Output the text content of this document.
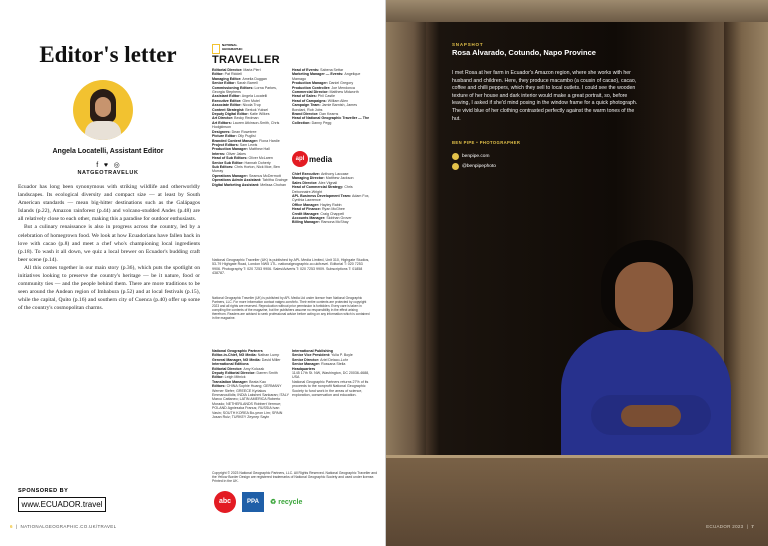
Editor's letter
Angela Locatelli, Assistant Editor
f ♥ ◎
NATGEOTRAVELUK

Ecuador has long been synonymous with striking wildlife and otherworldly landscapes. Its ecological diversity and compact size — at least by South American standards — mean big-hitter destinations such as the Galápagos Islands (p.22), Amazon rainforest (p.44) and volcano-studded Andes (p.48) are all relatively close to each other, making this a paradise for outdoor enthusiasts.

But a culinary renaissance is also in progress across the country, led by a celebration of homegrown food. We look at how Ecuadorians have fallen back in love with cacao (p.8) and meet a chef who's championing local ingredients (p.18). To wash it all down, we quiz a local brewer on Ecuador's budding craft beer scene (p.14).

All this comes together in our main story (p.36), which puts the spotlight on initiatives looking to preserve the country's heritage — be it nature, food or community ties — and the people behind them. There are more traditions to be seen around the Andean region of Imbabura (p.52) and at local festivals (p.15), while the capital, Quito (p.16) and southern city of Cuenca (p.40) offer up some of the country's cosmopolitan charms.

SPONSORED BY
www.ECUADOR.travel
6  |  NATIONALGEOGRAPHIC.CO.UK/TRAVEL
NATIONAL GEOGRAPHIC
TRAVELLER
Editorial Director: Maria Pieri
Editor: Pat Riddell
Managing Editor: Amelia Duggan
Senior Editor: Sarah Barrell
Commissioning Editors: Lorna Parkes, Georgia Stephens
Assistant Editor: Angela Locatelli
Executive Editor: Glen Mutel
Associate Editor: Nicola Trup
Content Strategist: Berkok Yuksel
Deputy Digital Editor: Katie Wilkes
Art Director: Becky Redman
Art Editors: Lauren Atkinson-Smith, Chris Hodgkinson
Designers: Dean Rowntree
Picture Editor: Olly Puglisi
Branded Content Manager: Fiona Hardie
Project Editors: Sam Lewis
Production Manager: Matthew Hall
Interns: Oliver Jakes
Head of Sub Editors: Oliver McLaren
Senior Sub Editor: Hannah Doherty
Sub Editors: Chris Horton, Nick Moe, Ben Murray
Operations Manager: Seamus McDermott
Operations Admin Assistant: Tabitha Grainge
Digital Marketing Assistant: Melissa Chohan
Head of Events: Sabena Settar
Marketing Manager — Events: Angelique Mamago
Production Manager: Daniel Gregory
Production Controller: Joe Mendonca
Commercial Director: Matthew Midworth
Head of Sales: Phil Castle
Head of Campaigns: William Allen
Campaign Team: Jamie Barnish, James Bondani, Rob Jobs
Brand Director: Dan Kearns
Head of National Geographic Traveller — The Collection: Danny Pegg
apl media
Chief Executive: Anthony Laccase
Managing Director: Matthew Jackson
Sales Director: Alex Vignali
Head of Commercial Strategy: Chris Debonnaire-Wright
APL Business Development Team: Adam Fox, Cynthia Lawrence
Office Manager: Hayley Rabin
Head of Finance: Ryan McGhee
Credit Manager: Craig Chappell
Accounts Manager: Siobhan Grover
Billing Manager: Ramona McShay
National Geographic Traveller (UK) is published by APL Media Limited, Unit 310, Highgate Studios, 53-79 Highgate Road, London NW5 1TL. nationalgeographic.co.uk/travel. Editorial T: 020 7253 9906. Photography T: 020 7253 9906. Sales/Adverts T: 020 7253 9909. Subscriptions T: 01858 438787.
National Geographic Traveller (UK) is published by APL Media Ltd under licence from National Geographic Partners, LLC. For more information contact natgeo.com/info. Their entire contents are protected by copyright 2023 and all rights are reserved. Reproduction without prior permission is forbidden. Every care is taken in compiling the contents of the magazine, but the publishers assume no responsibility in the effect arising therefrom. Readers are advised to seek professional advice before acting on any information which is contained in the magazine.
National Geographic Partners
Editor-in-Chief, NG Media: Nathan Lump
General Manager, NG Media: David Miller
International Editions
Editorial Director: Amy Kolczak
Deputy Editorial Director: Darren Smith
Editor: Leigh Mitnick
Translation Manager: Beata Kao
Editors: CHINA Sophie Huang; GERMANY Werner Siefer; GREECE Kyriakos Emmanouilidis; INDIA Lakshmi Sankaran; ITALY Marco Cattaneo; LATIN AMERICA Roberto Morado; NETHERLANDS Robbert Vermue; POLAND Agnieszka Franus; RUSSIA Ivan Vasin; SOUTH KOREA Bo-yeon Lim; SPAIN Josan Ruiz; TURKEY Zeynep Sayin
International Publishing
Senior Vice President: Yulia P. Boyle
Senior Director: Ariel Deiaco-Lohr
Senior Manager: Rossana Stella
Headquarters
1145 17th St. NW, Washington, DC 20036-4688, USA
National Geographic Partners returns 27% of its proceeds to the nonprofit National Geographic Society to fund work in the areas of science, exploration, conservation and education.
Copyright © 2023 National Geographic Partners, LLC. All Rights Reserved. National Geographic Traveller and the Yellow Border Design are registered trademarks of National Geographic Society and used under license. Printed in the UK.
abc	PPA	♻ recycle
SNAPSHOT
Rosa Alvarado, Cotundo, Napo Province
I met Rosa at her farm in Ecuador's Amazon region, where she works with her husband and children. Here, they produce macambo (a cousin of cacao), cacao, coffee and chilli peppers, which they sell to local outlets. I could see the wooden texture of her house and dark interior would make a great portrait, so, before leaving, I asked if she'd mind posing in the window frame for a quick photograph. The vivid blue of her clothing contrasted perfectly against the warm tones of the hut.
BEN PIPE • PHOTOGRAPHER
benpipe.com
@benpipephoto
ECUADOR 2023  |  7
